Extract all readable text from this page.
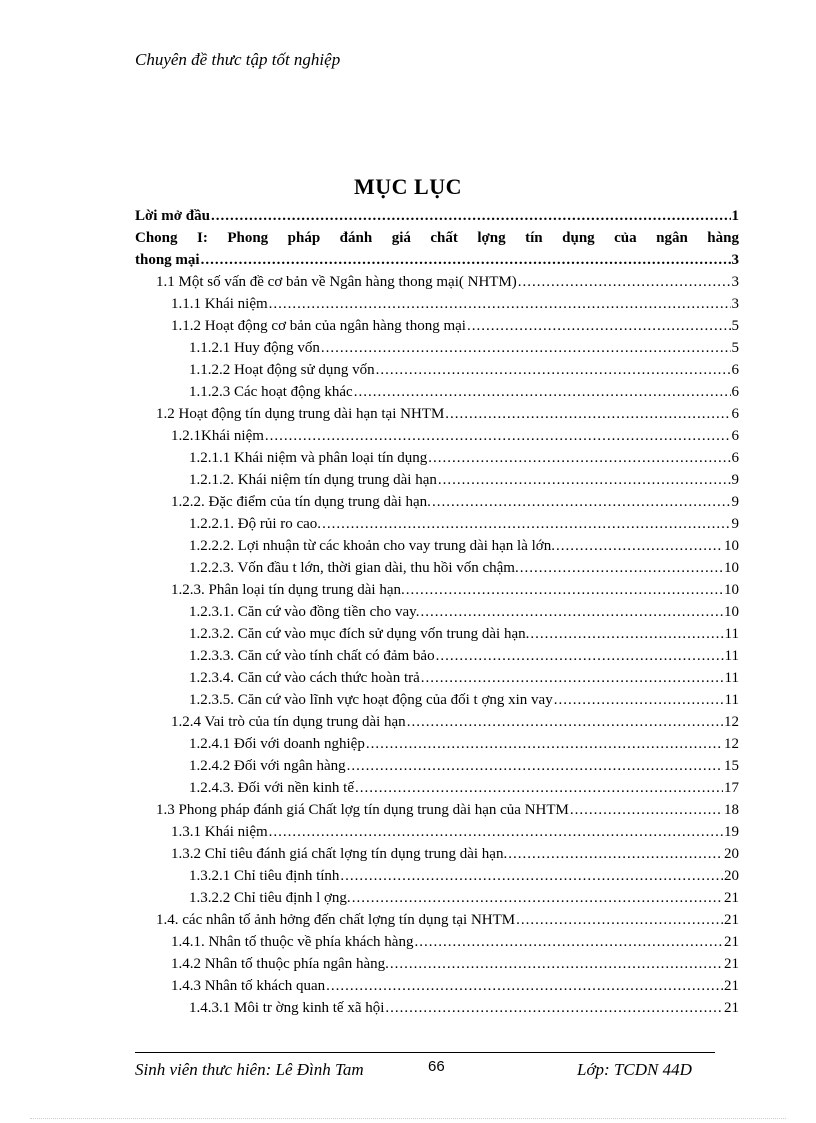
Chuyên đề thưc tập tốt nghiệp
MỤC LỤC
Lời mở đầu .....	1
Chong I: Phong pháp đánh giá chất lợng tín dụng của ngân hàng
thong mại .....	3
1.1 Một số vấn đề cơ bản về Ngân hàng thong mại( NHTM) .....	3
1.1.1 Khái niệm .....	3
1.1.2 Hoạt động cơ bản của ngân hàng thong mại .....	5
1.1.2.1 Huy động vốn .....	5
1.1.2.2 Hoạt động sử dụng vốn .....	6
1.1.2.3 Các hoạt động khác .....	6
1.2 Hoạt động tín dụng trung dài hạn tại NHTM .....	6
1.2.1Khái niệm .....	6
1.2.1.1 Khái niệm và phân loại tín dụng .....	6
1.2.1.2. Khái niệm tín dụng trung dài hạn .....	9
1.2.2. Đặc điểm của tín dụng trung dài hạn. .....	9
1.2.2.1. Độ rủi ro cao. .....	9
1.2.2.2. Lợi nhuận từ các khoản cho vay trung dài hạn là lớn. .....	10
1.2.2.3. Vốn đầu t lớn, thời gian dài, thu hồi vốn chậm. .....	10
1.2.3. Phân loại tín dụng trung dài hạn. .....	10
1.2.3.1. Căn cứ vào đồng tiền cho vay. .....	10
1.2.3.2. Căn cứ vào mục đích sử dụng vốn trung dài hạn. .....	11
1.2.3.3. Căn cứ vào tính chất có đảm bảo .....	11
1.2.3.4. Căn cứ vào cách thức hoàn trả .....	11
1.2.3.5. Căn cứ vào lĩnh vực hoạt động của đối t ợng xin vay .....	11
1.2.4 Vai trò của tín dụng trung dài hạn .....	12
1.2.4.1 Đối với doanh nghiệp .....	12
1.2.4.2 Đối với ngân hàng .....	15
1.2.4.3. Đối với nền kinh tế .....	17
1.3 Phong pháp đánh giá Chất lợg tín dụng trung dài hạn của NHTM .....	18
1.3.1 Khái niệm .....	19
1.3.2 Chỉ tiêu đánh giá chất lợng tín dụng trung dài hạn. .....	20
1.3.2.1 Chỉ tiêu định tính .....	20
1.3.2.2 Chỉ tiêu định l ợng. .....	21
1.4. các nhân tố ảnh hởng đến chất lợng tín dụng tại NHTM .....	21
1.4.1. Nhân tố thuộc về phía khách hàng .....	21
1.4.2 Nhân tố thuộc phía ngân hàng. .....	21
1.4.3 Nhân tố khách quan .....	21
1.4.3.1 Môi tr ờng kinh tế xã hội .....	21
Sinh viên thưc hiên: Lê Đình Tam	66	Lớp: TCDN 44D
